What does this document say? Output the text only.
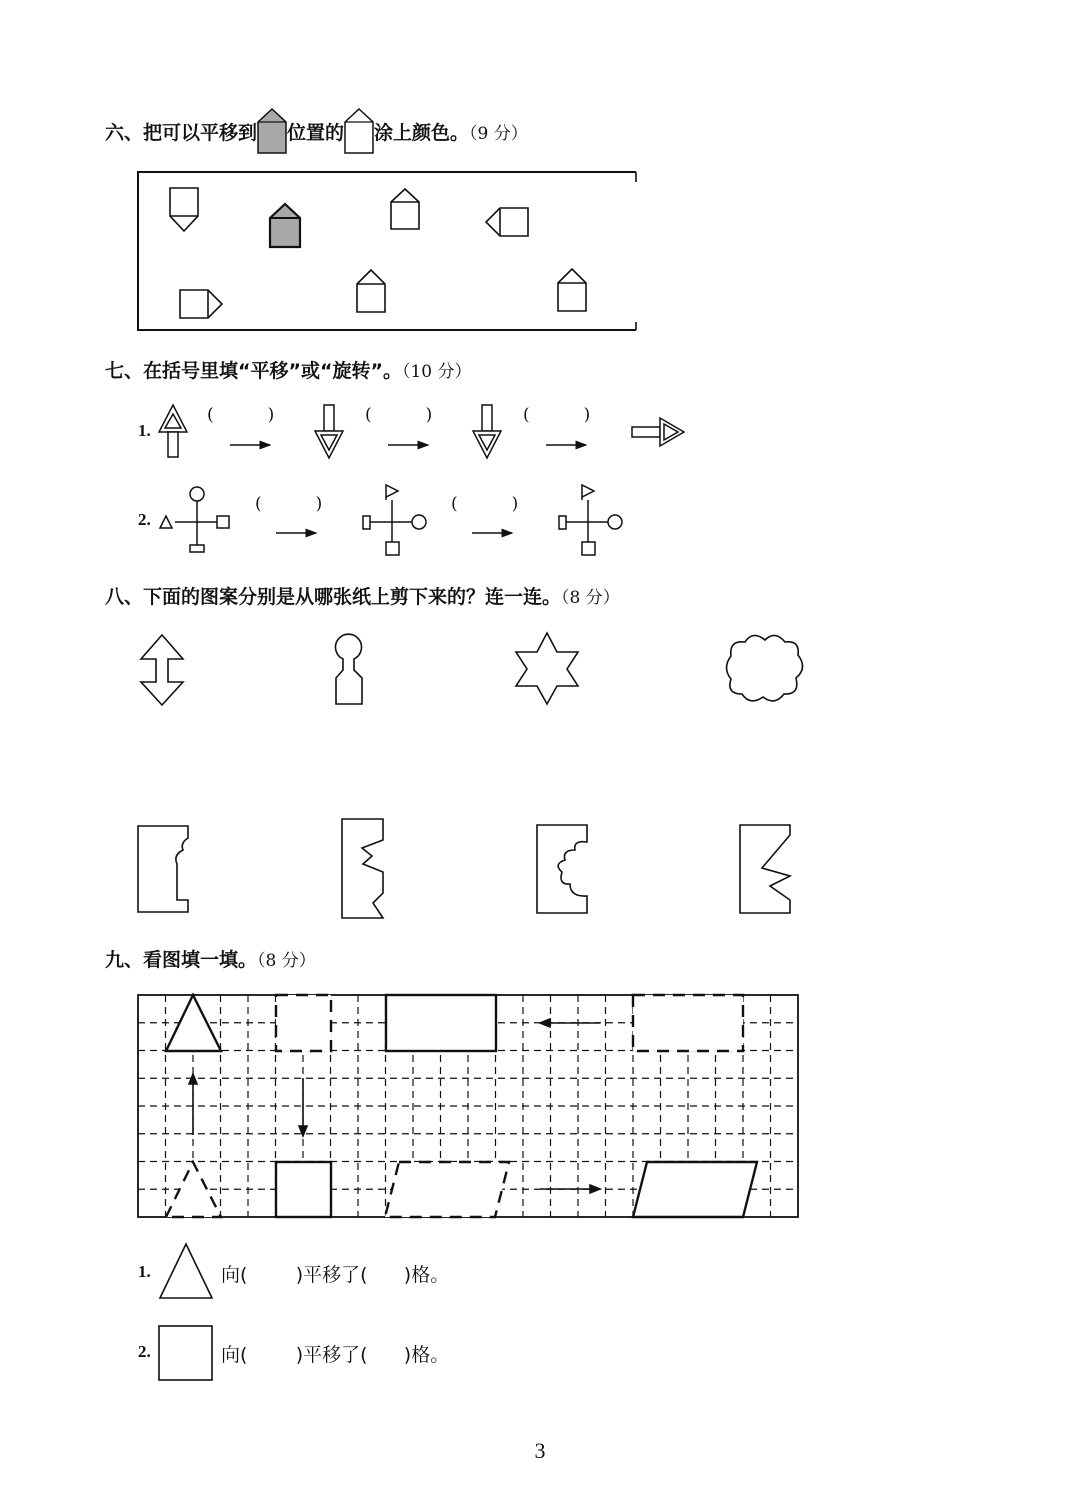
六、把可以平移到 位置的 涂上颜色。（9 分）
七、在括号里填“平移”或“旋转”。（10 分）
1.
(          )	(          )	(          )
2.
(          )	(          )
八、下面的图案分别是从哪张纸上剪下来的？连一连。（8 分）
九、看图填一填。（8 分）
1.	向(        )平移了(      )格。
2.	向(        )平移了(      )格。
3
